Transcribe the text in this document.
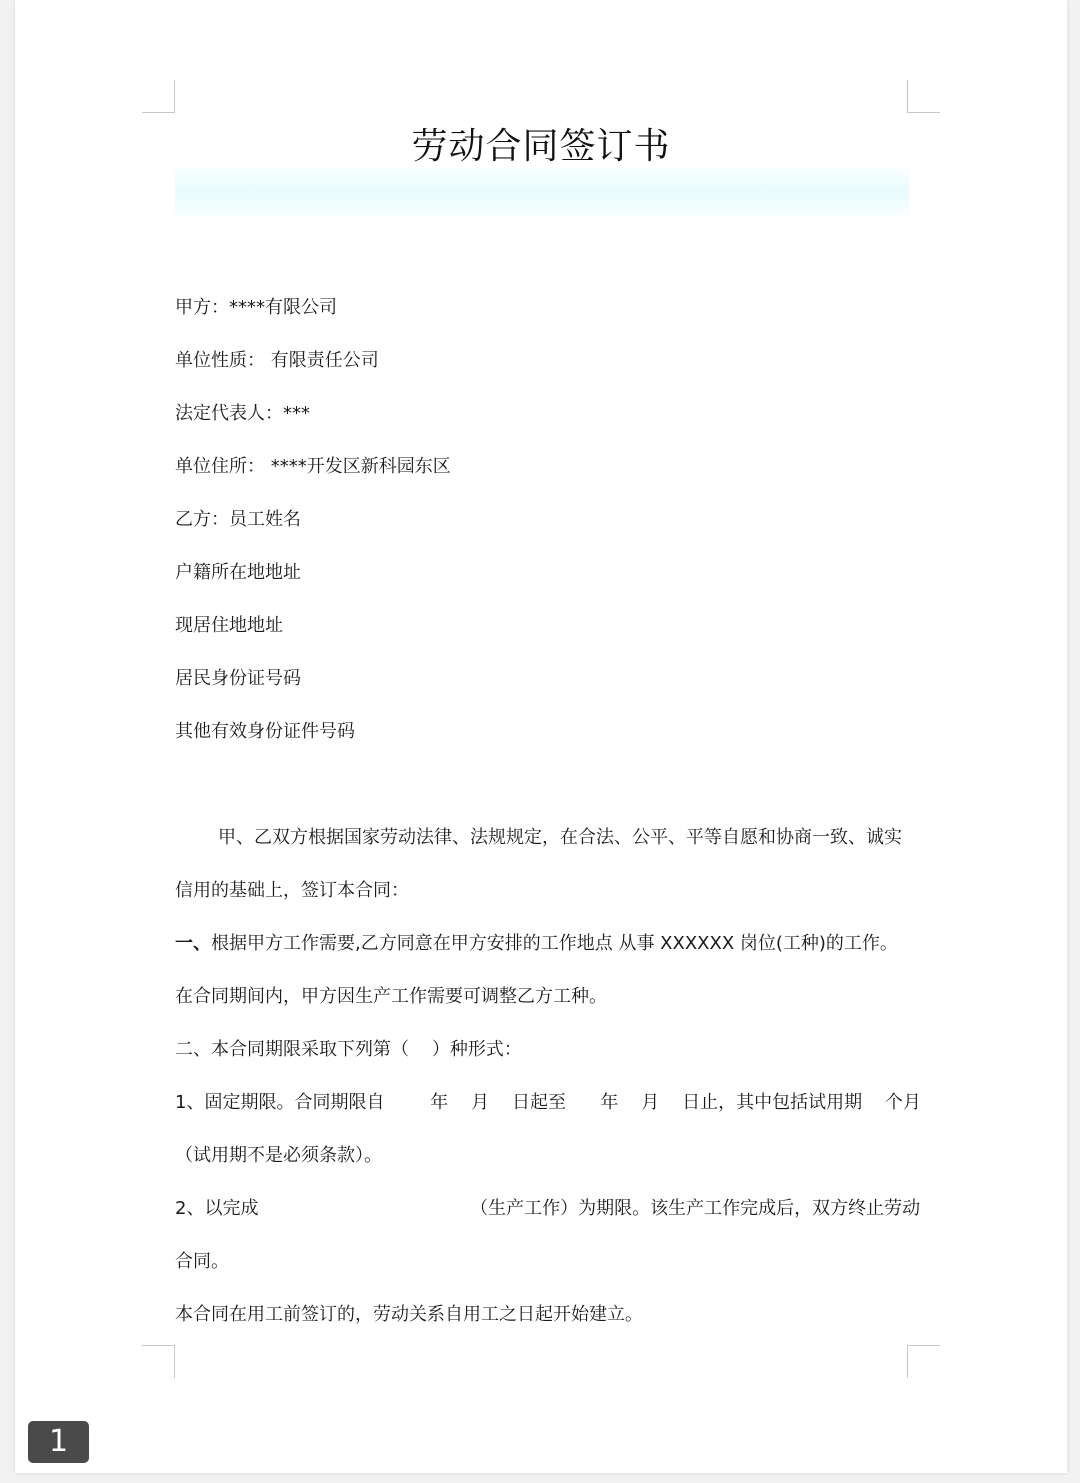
劳动合同签订书
甲方：****有限公司
单位性质： 有限责任公司
法定代表人：***
单位住所： ****开发区新科园东区
乙方：员工姓名
户籍所在地地址
现居住地地址
居民身份证号码
其他有效身份证件号码
甲、乙双方根据国家劳动法律、法规规定，在合法、公平、平等自愿和协商一致、诚实
信用的基础上，签订本合同：
一、根据甲方工作需要,乙方同意在甲方安排的工作地点 从事 XXXXXX 岗位(工种)的工作。
在合同期间内，甲方因生产工作需要可调整乙方工种。
二、本合同期限采取下列第（    ）种形式：
1、固定期限。合同期限自        年    月    日起至      年    月    日止，其中包括试用期    个月
（试用期不是必须条款）。
2、以完成                                     （生产工作）为期限。该生产工作完成后，双方终止劳动
合同。
本合同在用工前签订的，劳动关系自用工之日起开始建立。
1
